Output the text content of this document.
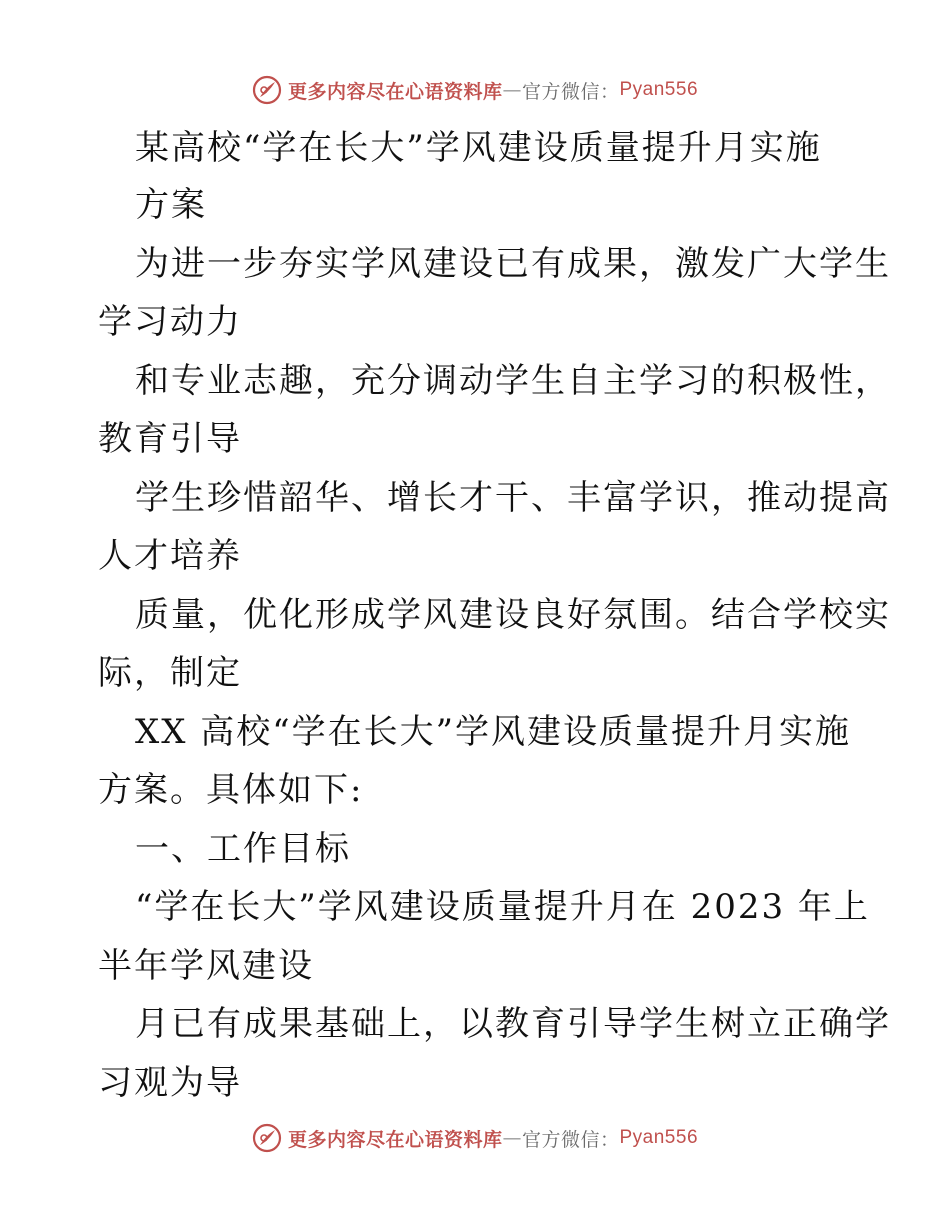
更多内容尽在心语资料库 — 官方微信： Pyan556
某高校“学在长大”学风建设质量提升月实施
方案
为进一步夯实学风建设已有成果，激发广大学生
学习动力
和专业志趣，充分调动学生自主学习的积极性，
教育引导
学生珍惜韶华、增长才干、丰富学识，推动提高
人才培养
质量，优化形成学风建设良好氛围。结合学校实
际，制定
XX 高校“学在长大”学风建设质量提升月实施
方案。具体如下:
一、工作目标
“学在长大”学风建设质量提升月在 2023 年上
半年学风建设
月已有成果基础上，以教育引导学生树立正确学
习观为导
更多内容尽在心语资料库 — 官方微信： Pyan556
